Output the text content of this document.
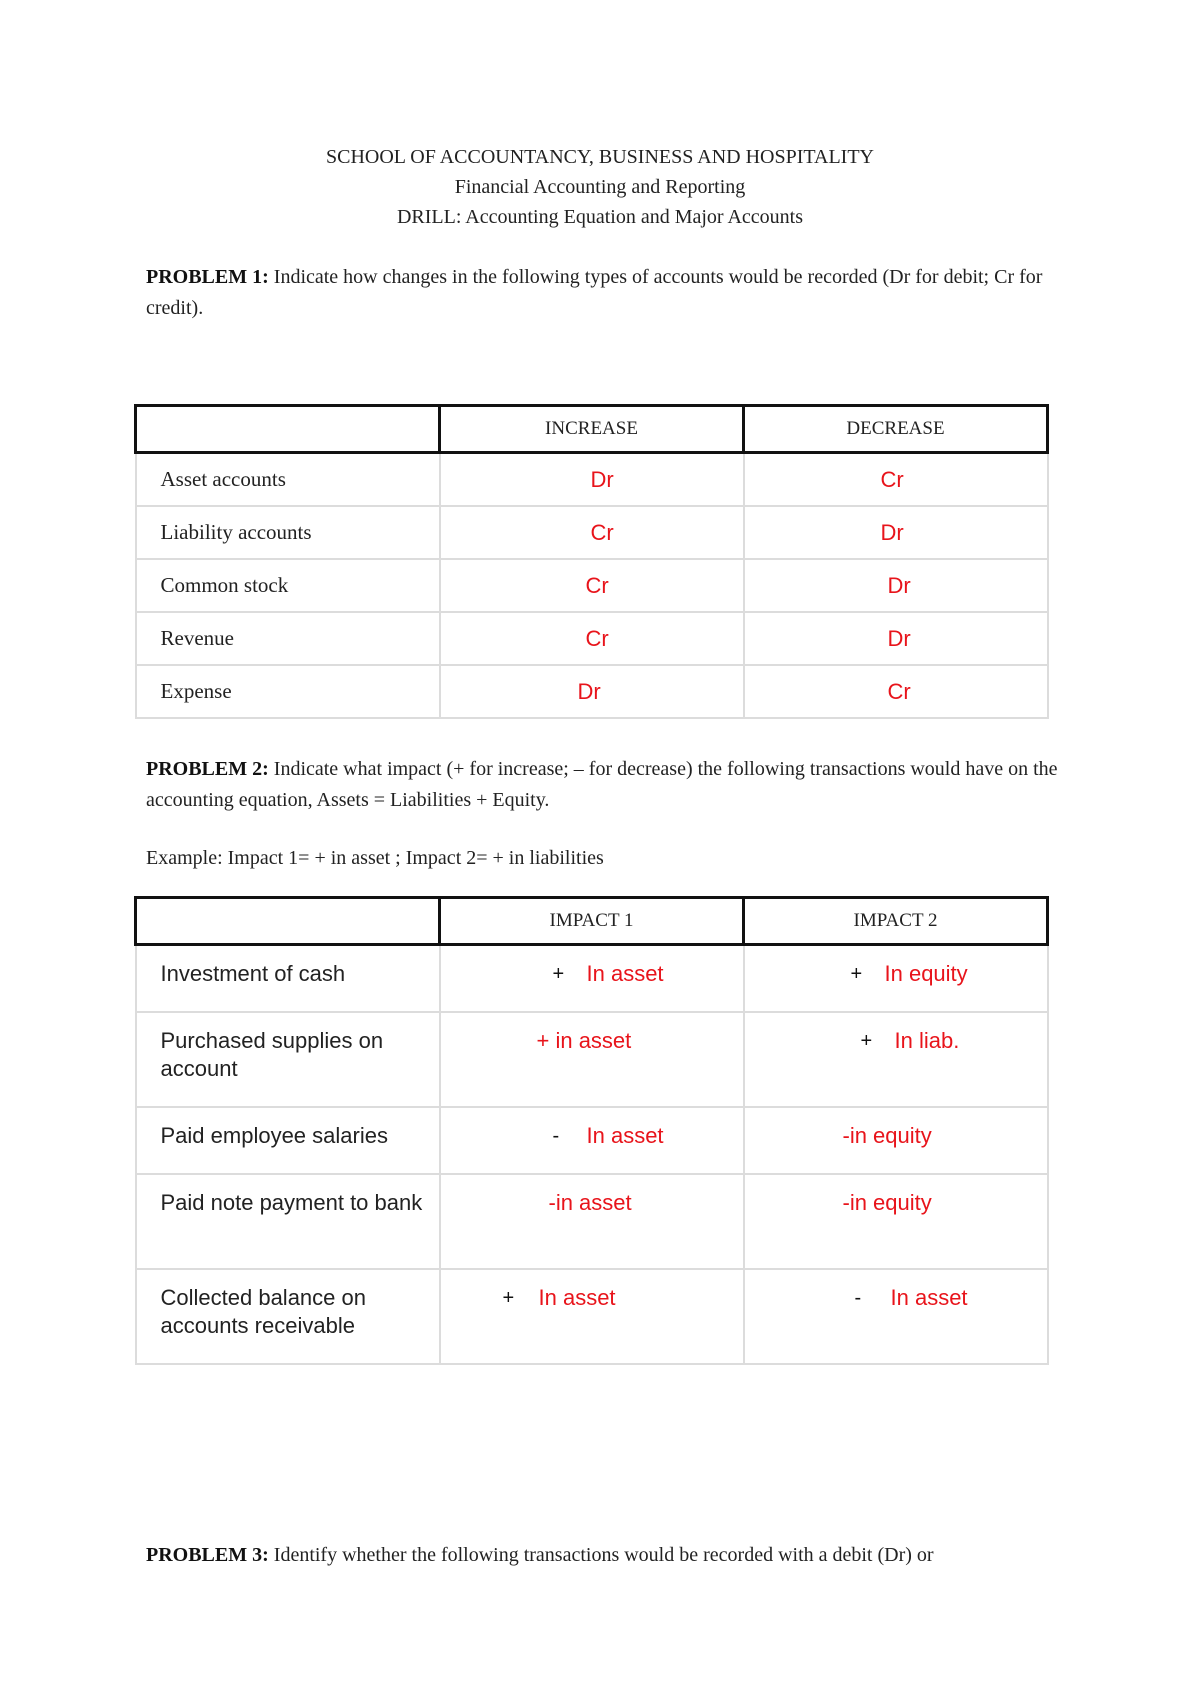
SCHOOL OF ACCOUNTANCY, BUSINESS AND HOSPITALITY
Financial Accounting and Reporting
DRILL: Accounting Equation and Major Accounts
PROBLEM 1: Indicate how changes in the following types of accounts would be recorded (Dr for debit; Cr for credit).
	INCREASE	DECREASE
Asset accounts	Dr	Cr
Liability accounts	Cr	Dr
Common stock	Cr	Dr
Revenue	Cr	Dr
Expense	Dr	Cr
PROBLEM 2: Indicate what impact (+ for increase; – for decrease) the following transactions would have on the accounting equation, Assets = Liabilities + Equity.
Example: Impact 1= + in asset ; Impact 2= + in liabilities
	IMPACT 1	IMPACT 2
Investment of cash	+ In asset	+ In equity

Purchased supplies on account	+ in asset	+ In liab.

Paid employee salaries	- In asset	-in equity

Paid note payment to bank	-in asset	-in equity

Collected balance on accounts receivable	+ In asset	- In asset
PROBLEM 3: Identify whether the following transactions would be recorded with a debit (Dr) or
